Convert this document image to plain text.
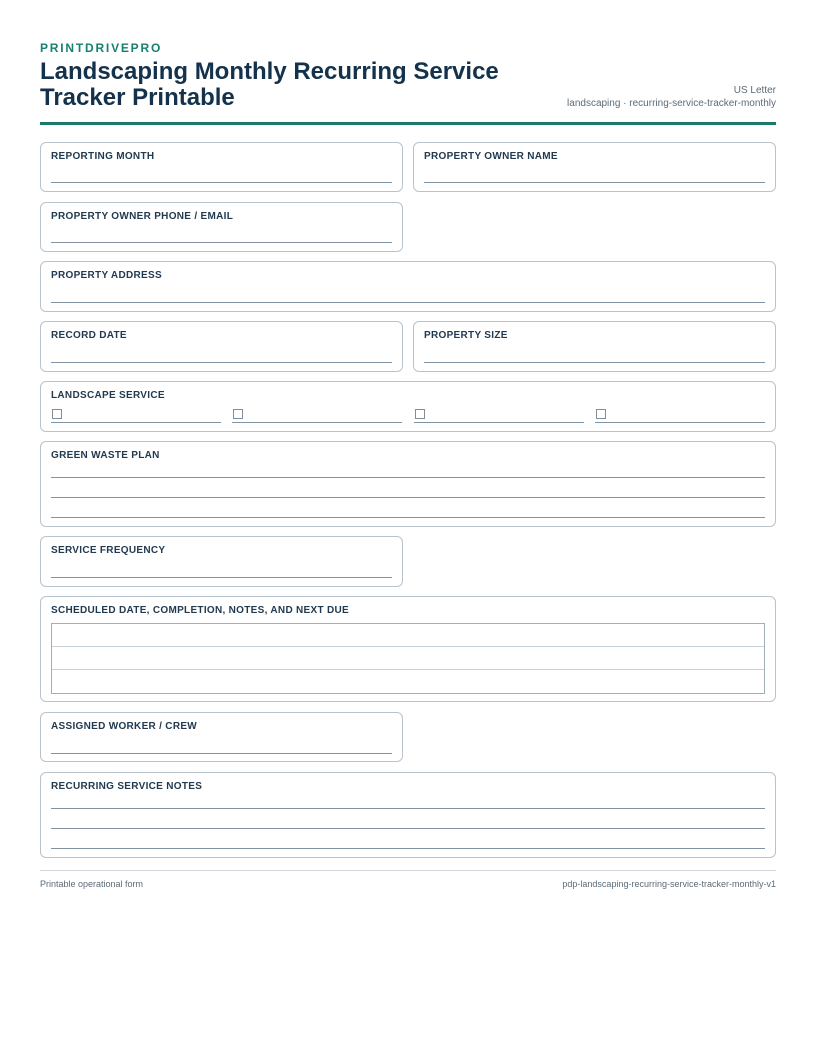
PRINTDRIVEPRO
Landscaping Monthly Recurring Service Tracker Printable	US Letter
landscaping · recurring-service-tracker-monthly
REPORTING MONTH	PROPERTY OWNER NAME
PROPERTY OWNER PHONE / EMAIL
PROPERTY ADDRESS
RECORD DATE	PROPERTY SIZE
LANDSCAPE SERVICE
GREEN WASTE PLAN
SERVICE FREQUENCY
SCHEDULED DATE, COMPLETION, NOTES, AND NEXT DUE
ASSIGNED WORKER / CREW
RECURRING SERVICE NOTES
Printable operational form	pdp-landscaping-recurring-service-tracker-monthly-v1
